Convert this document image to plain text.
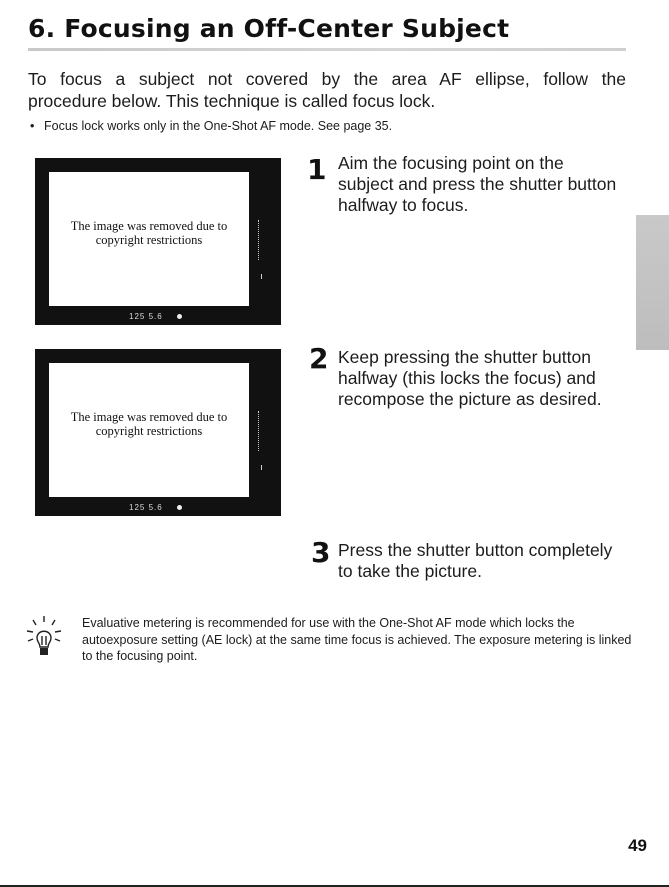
6. Focusing an Off-Center Subject
To focus a subject not covered by the area AF ellipse, follow the
procedure below. This technique is called focus lock.
• Focus lock works only in the One-Shot AF mode. See page 35.
The image was removed due to
copyright restrictions
125 5.6
The image was removed due to
copyright restrictions
125 5.6
1 Aim the focusing point on the subject and press the shutter button halfway to focus.
2 Keep pressing the shutter button halfway (this locks the focus) and recompose the picture as desired.
3 Press the shutter button completely to take the picture.
Evaluative metering is recommended for use with the One-Shot AF mode which locks the autoexposure setting (AE lock) at the same time focus is achieved. The exposure metering is linked to the focusing point.
49
